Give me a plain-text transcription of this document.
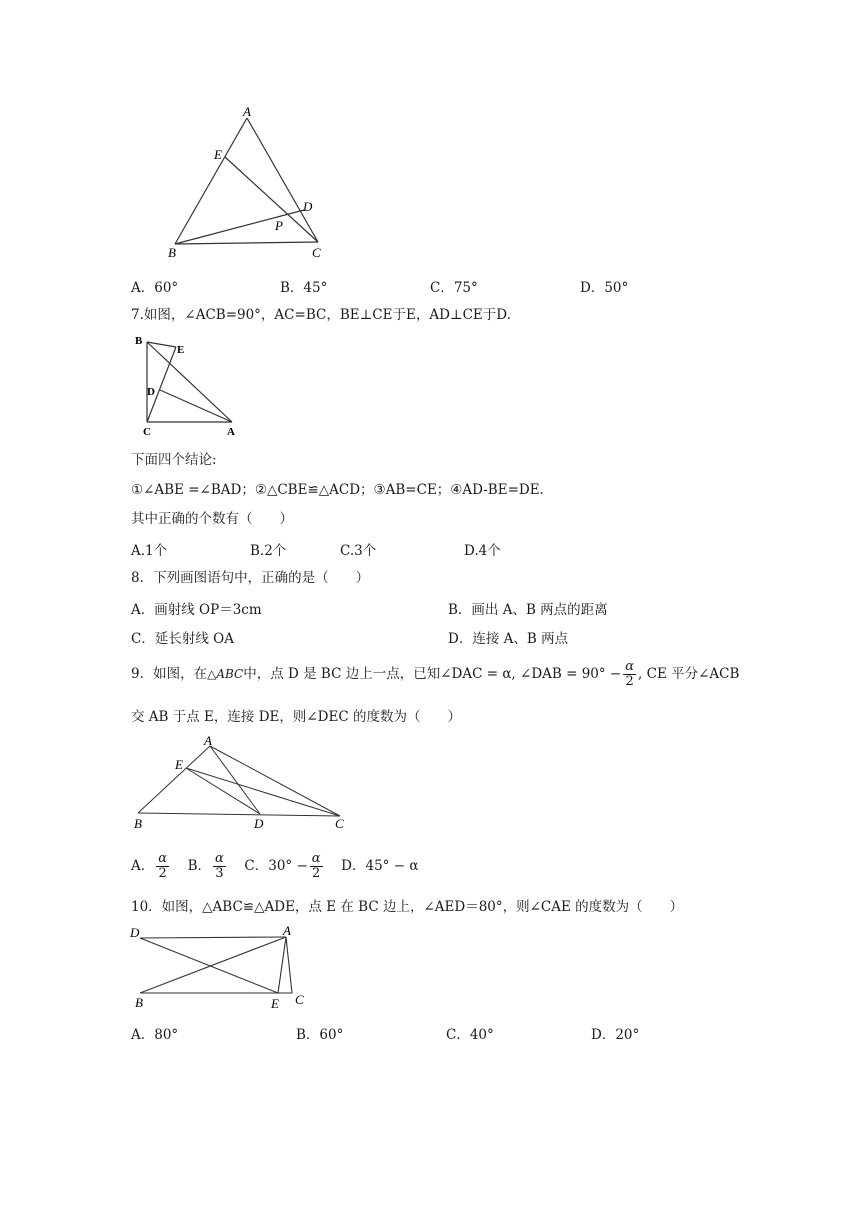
A
E
D
P
B	C
A．60°	B．45°	C．75°	D．50°
7.如图，∠ACB=90°，AC=BC，BE⊥CE于E，AD⊥CE于D.
B
E
D
C	A
下面四个结论:
①∠ABE =∠BAD；②△CBE≌△ACD；③AB=CE；④AD-BE=DE.
其中正确的个数有（　　）
A.1个	B.2个	C.3个	D.4个
8．下列画图语句中，正确的是（　　）
A．画射线 OP＝3cm	B．画出 A、B 两点的距离
C．延长射线 OA	D．连接 A、B 两点
9．如图，在△ABC中，点 D 是 BC 边上一点，已知∠DAC = α, ∠DAB = $90^\circ - \frac{\alpha}{2}$ , CE 平分∠ACB
交 AB 于点 E，连接 DE，则∠DEC 的度数为（　　）
A
E
B	D	C
A． $\frac{\alpha}{2}$ B． $\frac{\alpha}{3}$ C．$30^\circ - \frac{\alpha}{2}$ D．45° − α
10．如图，△ABC≌△ADE，点 E 在 BC 边上，∠AED＝80°，则∠CAE 的度数为（　　）
D	A
B	E C
A．80°	B．60°	C．40°	D．20°
